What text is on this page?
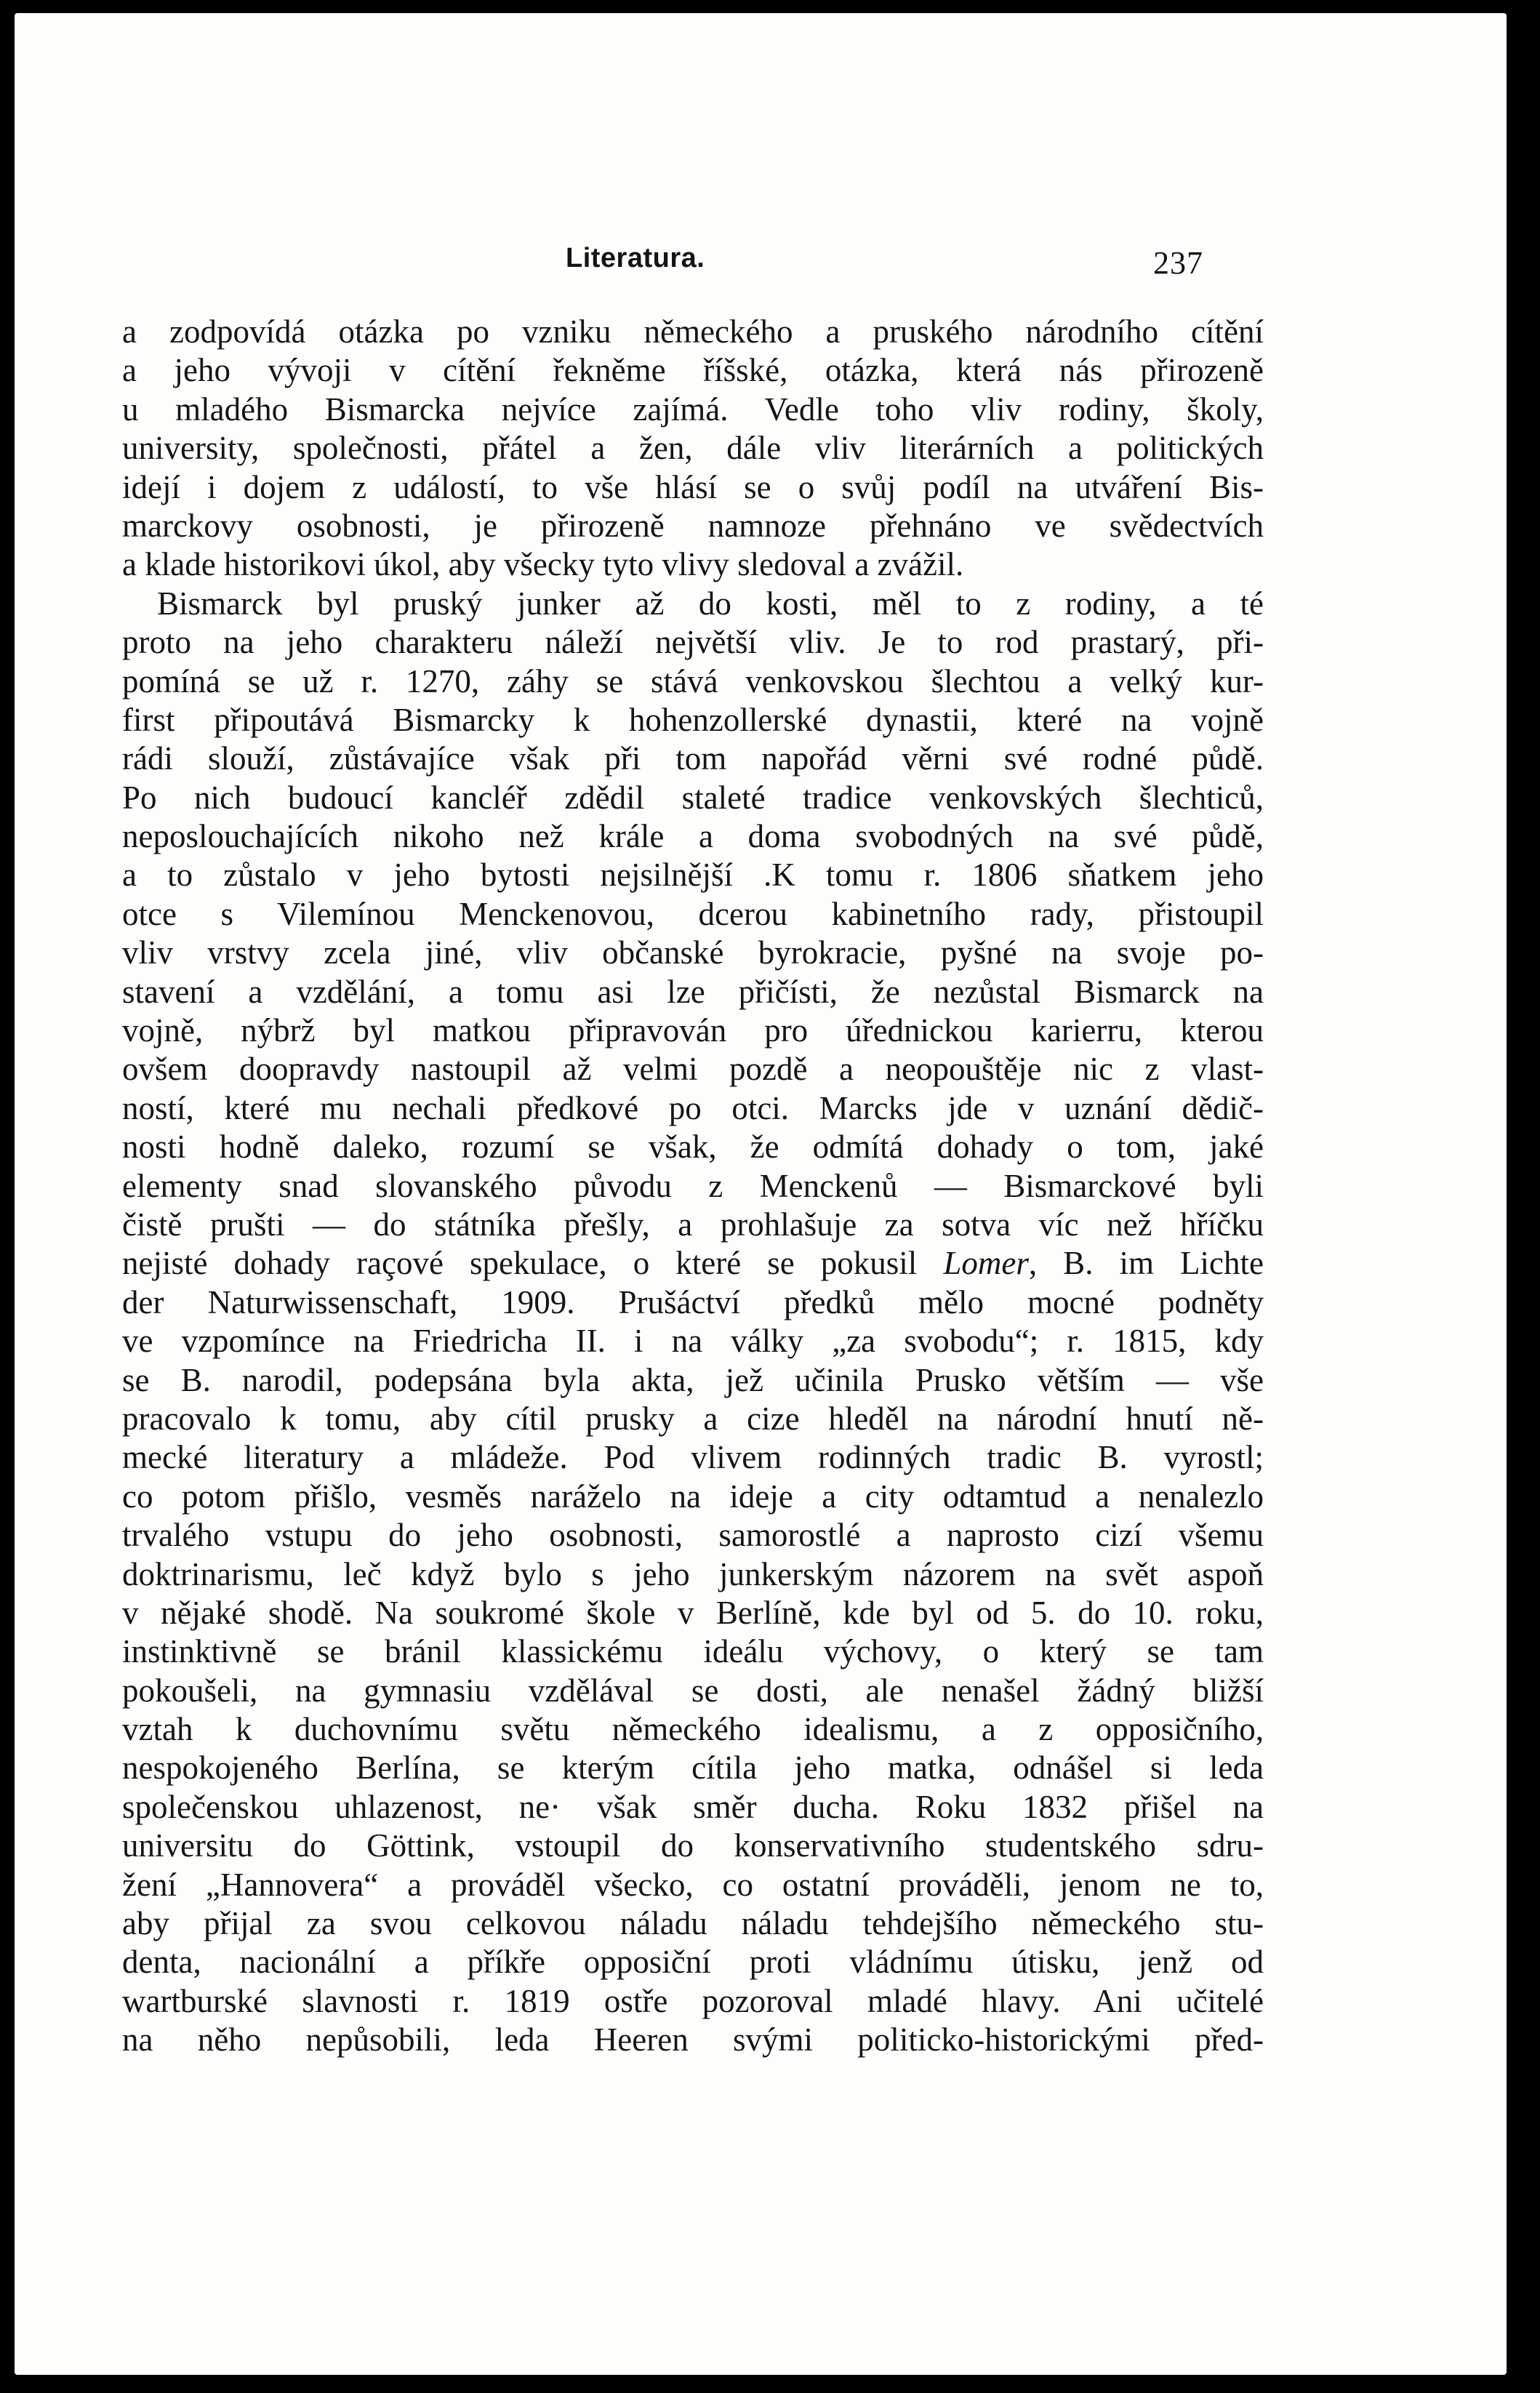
Literatura.	237
a zodpovídá otázka po vzniku německého a pruského národního cítění
a jeho vývoji v cítění řekněme říšské, otázka, která nás přirozeně
u mladého Bismarcka nejvíce zajímá. Vedle toho vliv rodiny, školy,
university, společnosti, přátel a žen, dále vliv literárních a politických
idejí i dojem z událostí, to vše hlásí se o svůj podíl na utváření Bis-
marckovy osobnosti, je přirozeně namnoze přehnáno ve svědectvích
a klade historikovi úkol, aby všecky tyto vlivy sledoval a zvážil.
Bismarck byl pruský junker až do kosti, měl to z rodiny, a té
proto na jeho charakteru náleží největší vliv. Je to rod prastarý, při-
pomíná se už r. 1270, záhy se stává venkovskou šlechtou a velký kur-
first připoutává Bismarcky k hohenzollerské dynastii, které na vojně
rádi slouží, zůstávajíce však při tom napořád věrni své rodné půdě.
Po nich budoucí kancléř zdědil staleté tradice venkovských šlechticů,
neposlouchajících nikoho než krále a doma svobodných na své půdě,
a to zůstalo v jeho bytosti nejsilnější .K tomu r. 1806 sňatkem jeho
otce s Vilemínou Menckenovou, dcerou kabinetního rady, přistoupil
vliv vrstvy zcela jiné, vliv občanské byrokracie, pyšné na svoje po-
stavení a vzdělání, a tomu asi lze přičísti, že nezůstal Bismarck na
vojně, nýbrž byl matkou připravován pro úřednickou karierru, kterou
ovšem doopravdy nastoupil až velmi pozdě a neopouštěje nic z vlast-
ností, které mu nechali předkové po otci. Marcks jde v uznání dědič-
nosti hodně daleko, rozumí se však, že odmítá dohady o tom, jaké
elementy snad slovanského původu z Menckenů — Bismarckové byli
čistě prušti — do státníka přešly, a prohlašuje za sotva víc než hříčku
nejisté dohady raçové spekulace, o které se pokusil Lomer, B. im Lichte
der Naturwissenschaft, 1909. Prušáctví předků mělo mocné podněty
ve vzpomínce na Friedricha II. i na války „za svobodu“; r. 1815, kdy
se B. narodil, podepsána byla akta, jež učinila Prusko větším — vše
pracovalo k tomu, aby cítil prusky a cize hleděl na národní hnutí ně-
mecké literatury a mládeže. Pod vlivem rodinných tradic B. vyrostl;
co potom přišlo, vesměs naráželo na ideje a city odtamtud a nenalezlo
trvalého vstupu do jeho osobnosti, samorostlé a naprosto cizí všemu
doktrinarismu, leč když bylo s jeho junkerským názorem na svět aspoň
v nějaké shodě. Na soukromé škole v Berlíně, kde byl od 5. do 10. roku,
instinktivně se bránil klassickému ideálu výchovy, o který se tam
pokoušeli, na gymnasiu vzdělával se dosti, ale nenašel žádný bližší
vztah k duchovnímu světu německého idealismu, a z opposičního,
nespokojeného Berlína, se kterým cítila jeho matka, odnášel si leda
společenskou uhlazenost, ne· však směr ducha. Roku 1832 přišel na
universitu do Göttink, vstoupil do konservativního studentského sdru-
žení „Hannovera“ a prováděl všecko, co ostatní prováděli, jenom ne to,
aby přijal za svou celkovou náladu náladu tehdejšího německého stu-
denta, nacionální a příkře opposiční proti vládnímu útisku, jenž od
wartburské slavnosti r. 1819 ostře pozoroval mladé hlavy. Ani učitelé
na něho nepůsobili, leda Heeren svými politicko-historickými před-
